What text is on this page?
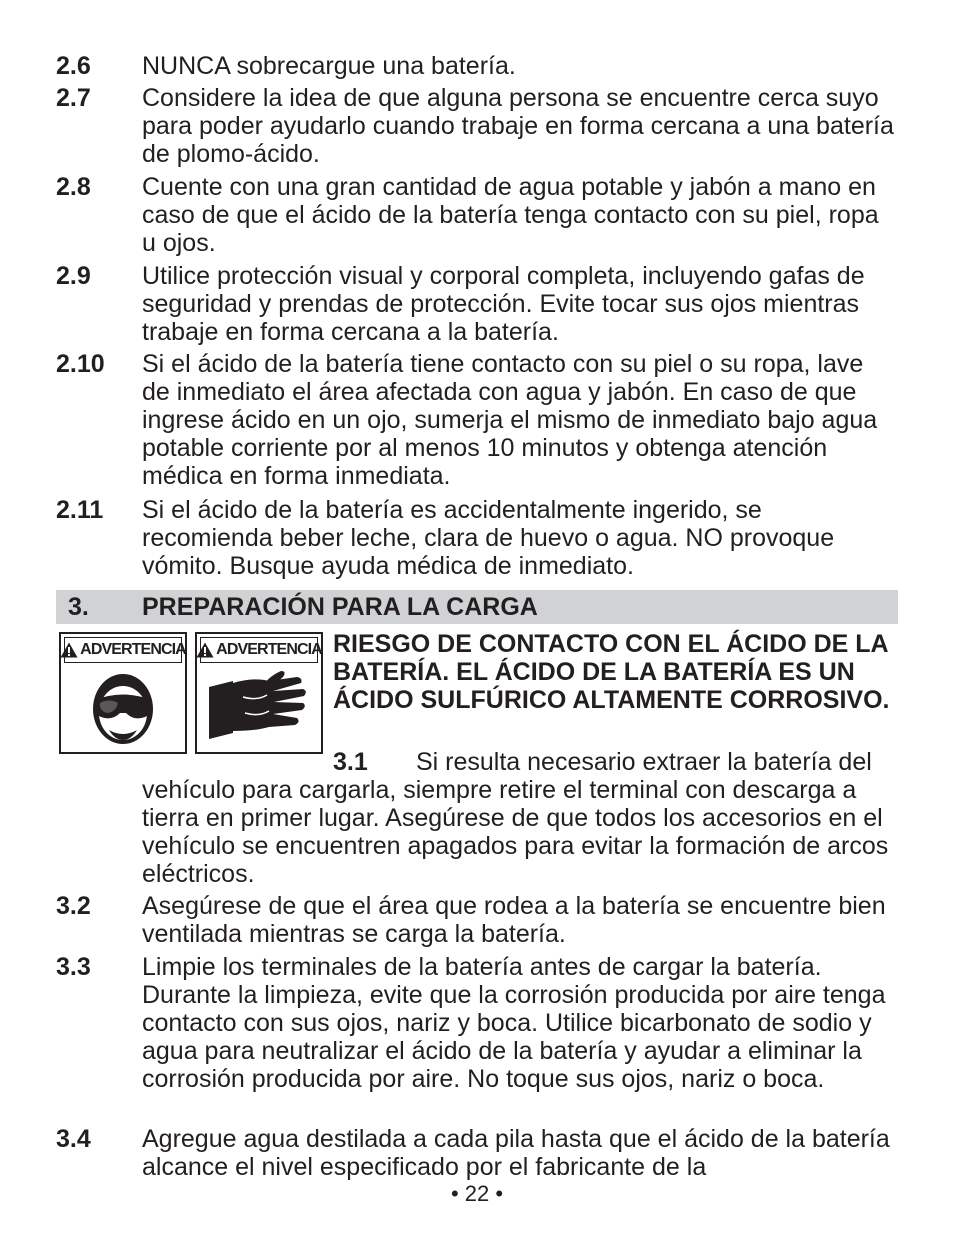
2.6 NUNCA sobrecargue una batería.
2.7 Considere la idea de que alguna persona se encuentre cerca suyo para poder ayudarlo cuando trabaje en forma cercana a una batería de plomo-ácido.
2.8 Cuente con una gran cantidad de agua potable y jabón a mano en caso de que el ácido de la batería tenga contacto con su piel, ropa u ojos.
2.9 Utilice protección visual y corporal completa, incluyendo gafas de seguridad y prendas de protección. Evite tocar sus ojos mientras trabaje en forma cercana a la batería.
2.10 Si el ácido de la batería tiene contacto con su piel o su ropa, lave de inmediato el área afectada con agua y jabón. En caso de que ingrese ácido en un ojo, sumerja el mismo de inmediato bajo agua potable corriente por al menos 10 minutos y obtenga atención médica en forma inmediata.
2.11 Si el ácido de la batería es accidentalmente ingerido, se recomienda beber leche, clara de huevo o agua. NO provoque vómito. Busque ayuda médica de inmediato.
3. PREPARACIÓN PARA LA CARGA
ADVERTENCIA ADVERTENCIA RIESGO DE CONTACTO CON EL ÁCIDO DE LA BATERÍA. EL ÁCIDO DE LA BATERÍA ES UN ÁCIDO SULFÚRICO ALTAMENTE CORROSIVO.
3.1 Si resulta necesario extraer la batería del
vehículo para cargarla, siempre retire el terminal con descarga a tierra en primer lugar. Asegúrese de que todos los accesorios en el vehículo se encuentren apagados para evitar la formación de arcos eléctricos.
3.2 Asegúrese de que el área que rodea a la batería se encuentre bien ventilada mientras se carga la batería.
3.3 Limpie los terminales de la batería antes de cargar la batería. Durante la limpieza, evite que la corrosión producida por aire tenga contacto con sus ojos, nariz y boca. Utilice bicarbonato de sodio y agua para neutralizar el ácido de la batería y ayudar a eliminar la corrosión producida por aire. No toque sus ojos, nariz o boca.
3.4 Agregue agua destilada a cada pila hasta que el ácido de la batería alcance el nivel especificado por el fabricante de la
• 22 •
